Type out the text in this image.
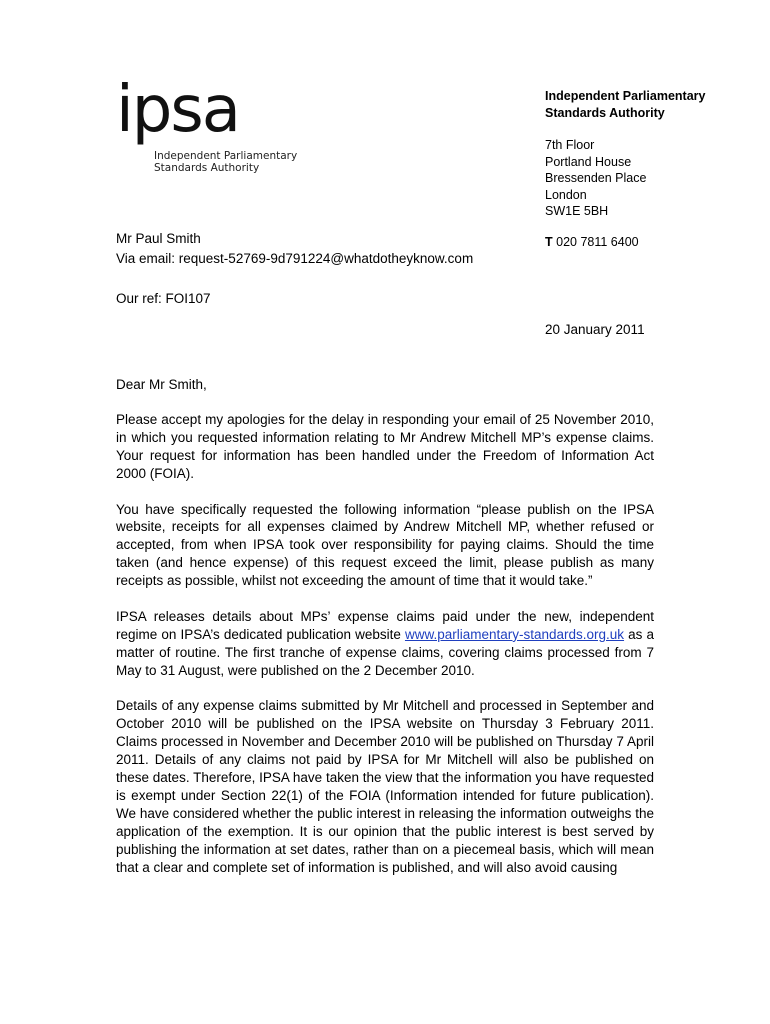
ipsa
Independent Parliamentary
Standards Authority
Independent Parliamentary
Standards Authority
7th Floor
Portland House
Bressenden Place
London
SW1E 5BH
T 020 7811 6400
Mr Paul Smith
Via email: request-52769-9d791224@whatdotheyknow.com
Our ref: FOI107
20 January 2011
Dear Mr Smith,

Please accept my apologies for the delay in responding your email of 25 November 2010, in which you requested information relating to Mr Andrew Mitchell MP’s expense claims. Your request for information has been handled under the Freedom of Information Act 2000 (FOIA).

You have specifically requested the following information “please publish on the IPSA website, receipts for all expenses claimed by Andrew Mitchell MP, whether refused or accepted, from when IPSA took over responsibility for paying claims. Should the time taken (and hence expense) of this request exceed the limit, please publish as many receipts as possible, whilst not exceeding the amount of time that it would take.”

IPSA releases details about MPs’ expense claims paid under the new, independent regime on IPSA’s dedicated publication website www.parliamentary-standards.org.uk as a matter of routine. The first tranche of expense claims, covering claims processed from 7 May to 31 August, were published on the 2 December 2010.

Details of any expense claims submitted by Mr Mitchell and processed in September and October 2010 will be published on the IPSA website on Thursday 3 February 2011. Claims processed in November and December 2010 will be published on Thursday 7 April 2011. Details of any claims not paid by IPSA for Mr Mitchell will also be published on these dates. Therefore, IPSA have taken the view that the information you have requested is exempt under Section 22(1) of the FOIA (Information intended for future publication). We have considered whether the public interest in releasing the information outweighs the application of the exemption. It is our opinion that the public interest is best served by publishing the information at set dates, rather than on a piecemeal basis, which will mean that a clear and complete set of information is published, and will also avoid causing
